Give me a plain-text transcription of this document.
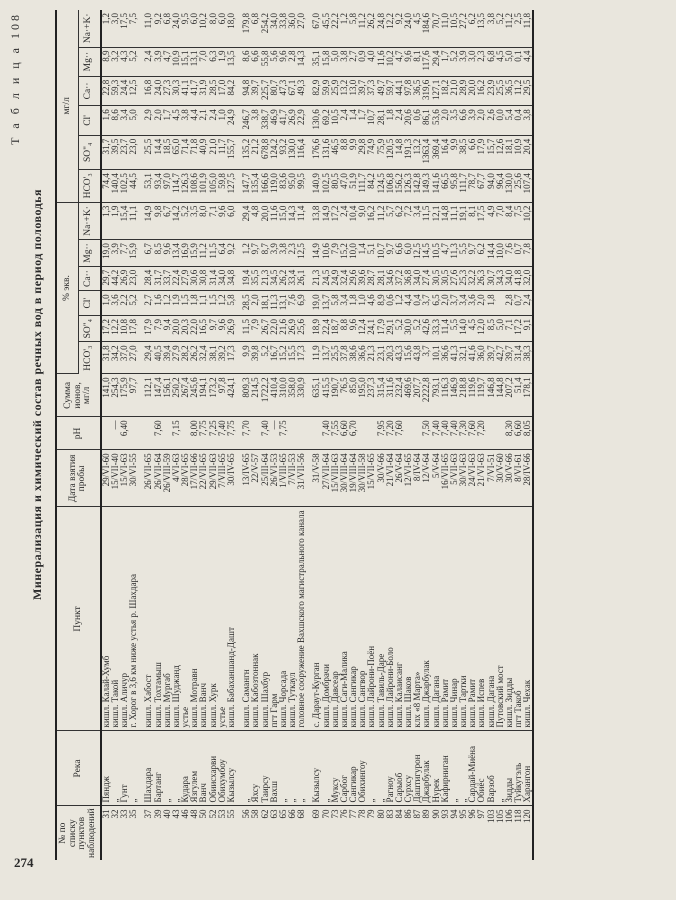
274
Т а б л и ц а 108
Минерализация и химический состав речных вод в период половодья
№ по списку пунктов наблюдений	Река	Пункт	Дата взятия пробы	pH	Сумма ионов, мг/л	% экв.						мг/л					
						HCO'₃	SO"₄	Cl'	Ca··	Mg··	Na·+K·	HCO'₃	SO"₄	Cl'	Ca··	Mg··	Na·+K·
31	Пяндж	кишл. Калай-Хумб	29/VI-60		141,0	31,8	17,2	1,0	29,7	19,0	1,3	74,4	31,7	1,6	22,8	8,9	1,2
32	„	кишл. Такой	15/VII-40	—	254,3	34,2	12,2	3,6	44,2	3,9	1,9	140,4	39,5	8,6	59,3	3,2	3,0
33	Гунт	кишл. Аличур	15/VI-63	6,40	175,9	37,0	10,8	2,2	26,9	7,7	15,4	102,5	23,7	3,4	24,4	4,3	17,5
35	„	г. Хорог в 3,6 км ниже устья р. Шахдара	30/VI-55		97,7	27,0	17,8	5,2	23,0	15,9	11,1	44,5	23,0	5,0	12,5	5,2	7,5
37	Шахдара	кишл. Хабост	26/VII-65		112,1	29,4	17,9	2,7	28,4	6,7	14,9	53,1	25,5	2,9	16,8	2,4	11,0
39	Бартанг	кишл. Тохтамыш	26/VII-64	7,60	147,4	40,5	7,9	1,6	31,7	8,5	9,8	93,4	14,4	2,0	24,0	3,9	9,2
40	„	кишл. Мургаб	26/VIII-59		156,1	39,4	9,4	1,2	33,7	9,6	6,7	97,0	18,5	1,7	27,3	4,7	6,8
43	„	кишл. Шуджанд	4/VI-63	7,15	250,2	27,9	20,0	1,9	22,4	13,4	14,2	114,7	65,0	4,5	30,3	10,9	24,0
46	Кудара	устье	28/VI-65		267,4	28,2	20,3	1,5	27,9	16,9	5,2	126,3	71,4	3,8	41,1	15,1	9,5
48	Язгулем	кишл. Мотравн	17/VII-66	8,00	245,6	26,2	22,0	1,8	30,6	15,9	3,5	108,6	71,8	4,4	41,7	13,1	6,0
50	Ванч	кишл. Ванч	22/VII-65	7,75	194,1	32,4	16,5	1,1	30,8	11,2	8,0	101,9	40,9	2,1	31,9	7,0	10,2
52	Обиисхарви	кишл. Хурк	29/VII-63	7,25	173,2	38,1	9,7	1,5	31,4	11,5	7,1	105,0	21,0	2,4	28,5	6,3	8,0
53	Обихумбоу	устье	7/VIII-65	7,40	97,8	39,2	9,6	1,2	34,0	6,4	9,6	59,8	11,7	1,0	17,0	1,9	6,0
55	Кызылсу	кишл. Бабаханшанд-Дашт	30/IV-65	7,75	424,1	17,3	26,9	5,8	34,8	9,2	6,0	127,5	155,7	24,9	84,2	13,5	18,0
56	„	кишл. Самангн	13/IV-65	7,70	809,3	9,9	11,5	28,5	19,4	1,2	29,4	147,7	135,2	246,7	94,8	8,6	179,8
58	Яхсу	кишл. Кабозтоннак	22/V-57		214,5	39,8	7,9	2,0	35,5	9,7	4,8	135,4	21,2	3,8	39,7	6,6	6,8
62	Таирсу	кишл. Шахбур	25/III-64	7,40	1722,2	5,2	26,7	18,1	21,3	8,7	20,0	166,6	678,8	338,7	225,7	55,8	254,2
63	Вахш	пгт Гарм	26/VI-53	—	410,4	16,7	22,0	11,3	34,5	3,9	11,6	119,0	124,2	46,9	80,7	5,6	34,0
65	„	кишл. Чорсада	1/VIII-65	7,75	310,0	15,2	21,6	13,1	26,2	3,8	15,0	83,6	93,2	41,7	47,3	9,6	33,8
66	„	кишл. Туткаул	7/VII-53		358,0	15,5	26,9	7,6	33,4	2,3	14,3	95,0	130,0	26,9	67,1	2,8	36,0
68	„	головное сооружение Вахшского магистрального канала	31/VII-56		330,9	17,3	25,6	6,9	26,1	12,5	11,4	99,5	116,4	22,9	49,3	14,3	27,0
69	Кызылсу	с. Дараут-Курган	31/V-58		635,1	11,9	18,9	19,0	21,3	14,9	13,8	140,9	176,6	130,6	82,9	35,1	67,0
70	„	кишл. Домбрачи	27/VII-64	7,40	415,5	13,7	22,4	13,7	24,5	10,6	14,9	102,5	131,6	69,2	59,9	15,8	45,5
73	Муксу	кишл. Давсеар	15/VIII-63	7,55	190,7	25,5	18,7	5,8	24,9	7,9	17,2	80,5	46,5	10,5	25,9	5,0	22,2
76	Сарбог	кишл. Саги-Малика	30/VIII-64	6,60	76,5	37,8	8,8	3,4	32,4	15,2	2,4	47,0	8,8	2,4	13,2	3,8	1,2
77	Сангикар	кишл. Сангикар	19/VIII-64	6,70	85,0	38,6	9,6	1,8	29,6	10,0	10,4	51,9	9,9	1,4	13,0	2,7	5,8
78	Обихингоу	кишл. Сангвор	30/VIII-58		195,0	36,6	12,4	1,0	39,6	1,4	9,0	111,7	29,8	1,7	39,7	0,9	11,2
79	„	кишл. Лайрони-Поён	15/VII-65		237,3	21,3	24,1	4,6	28,7	5,1	16,2	84,2	74,9	10,7	37,3	4,0	26,2
80	„	кишл. Тавиль-Даре	30/V-66	7,95	315,4	23,1	17,9	8,9	28,1	10,7	11,2	124,5	75,9	28,1	49,7	11,6	24,8
83	Рагноу	кишл. Лайрони-Боло	21/VI-64	7,20	311,6	20,3	29,1	0,6	34,6	9,7	5,7	106,8	120,5	1,8	59,7	10,2	12,2
84	Сарыоб	кишл. Калаисанг	26/V-64	7,60	232,4	43,3	5,2	1,2	37,2	6,6	6,2	156,2	14,8	2,4	44,1	4,7	9,2
86	Сурхсу	кишл. Шаков	12/VI-65		469,6	15,6	30,0	4,4	36,8	6,0	7,2	126,3	191,3	20,6	97,8	9,6	24,0
87	Даштигурон	клх «8 Марта»	8/IV-64		207,7	43,8	5,2	0,4	34,0	12,5	3,4	142,8	13,2	0,6	36,5	8,1	4,5
89	Джарбулак	кишл. Джарбулак	12/V-64	7,50	2222,8	3,7	42,6	3,7	27,4	14,5	11,5	149,3	1363,4	86,1	319,6	117,6	184,6
90	Нурек	кишл. Дагана	5/V-64	7,40	793,1	10,1	33,3	6,5	30,5	10,5	12,1	141,6	369,4	53,6	127,1	29,4	70,7
93	Кафирниган	кишл. Рамит	16/VII-65	7,40	116,3	36,6	11,4	2,0	30,5	4,7	14,8	66,5	16,4	2,0	18,2	1,7	11,0
94	„	кишл. Чинар	5/VII-63	7,40	146,9	41,3	5,5	3,7	27,6	11,3	11,1	95,8	9,9	3,5	21,0	5,2	10,5
95	„	кишл. Тартки	30/VI-63	7,30	218,8	32,1	14,0	3,4	25,3	5,5	19,1	111,7	38,5	6,6	28,9	3,9	27,2
96	Сардай-Миёна	кишл. Рамит	24/VI-63	7,60	119,6	41,6	4,5	3,6	32,2	9,7	8,1	78,7	6,6	3,9	20,0	3,0	6,2
97	Обиёс	кишл. Испев	21/VI-63	7,20	119,7	36,0	12,0	2,0	26,3	6,2	17,5	67,7	17,9	2,0	16,2	2,3	13,5
103	Варзоб	кишл. Дагана	7/VI-51		146,8	39,7	8,5	1,8	30,7	14,4	4,9	94,0	15,7	2,6	23,9	6,8	3,8
105	„	Путовский мост	30/V-60		144,8	42,7	5,0		34,3	10,0	7,0	96,4	12,6	0,0	25,5	4,5	5,2
106	Зидды	кишл. Зидды	30/V-66	8,30	207,2	39,7	7,1	2,8	34,0	7,6	8,4	130,0	18,1	5,4	36,5	5,0	11,2
118	Туйкутэль	пгт Такоб	8/VI-61	6,60	51,4	31,4	17,2	0,7	41,8	0,7	7,5	25,6	10,9	0,4	11,2	0,1	2,5
120	Харангон	кишл. Чехак	28/IV-66	8,05	178,1	38,3	9,1	2,4	32,0	7,8	10,2	107,4	20,4	3,8	29,5	4,4	11,8
